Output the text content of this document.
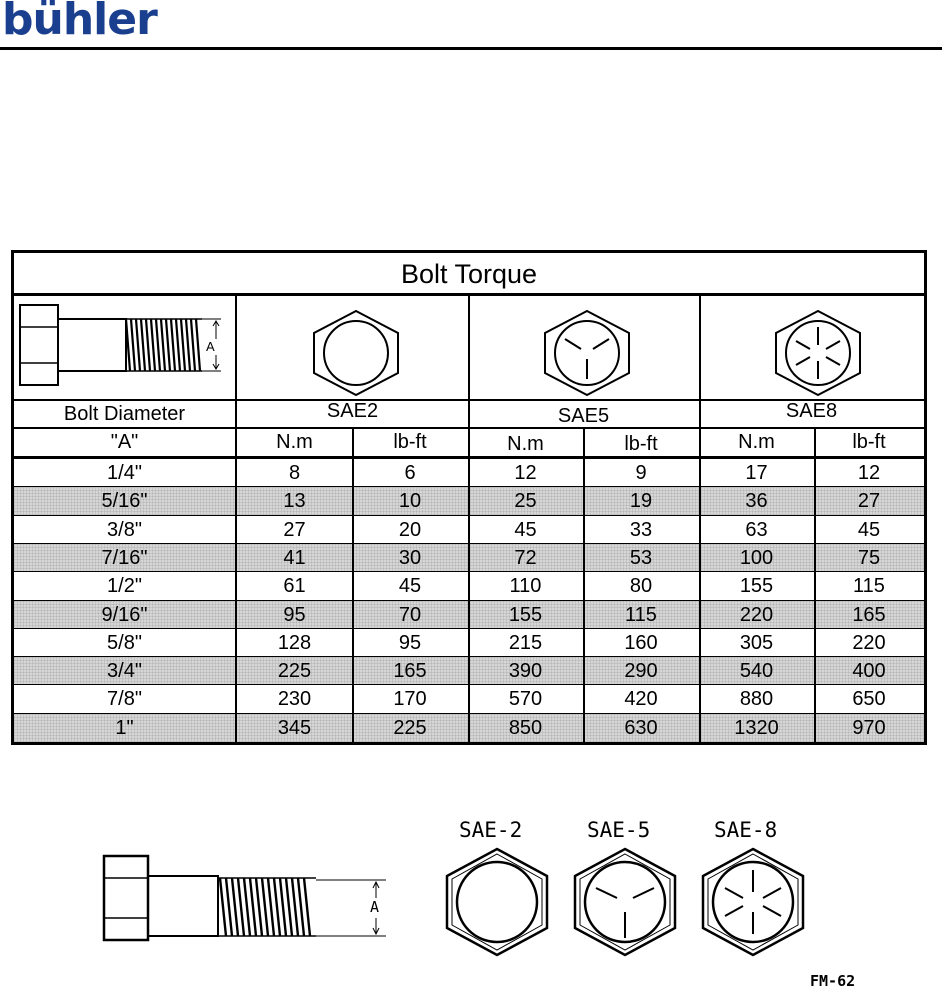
bühler
Bolt Torque
A
Bolt Diameter
"A"
SAE2	SAE5	SAE8
N.m	lb-ft	N.m	lb-ft	N.m	lb-ft
1/4"	8	6	12	9	17	12
5/16"	13	10	25	19	36	27
3/8"	27	20	45	33	63	45
7/16"	41	30	72	53	100	75
1/2"	61	45	110	80	155	115
9/16"	95	70	155	115	220	165
5/8"	128	95	215	160	305	220
3/4"	225	165	390	290	540	400
7/8"	230	170	570	420	880	650
1"	345	225	850	630	1320	970
A
SAE-2	SAE-5	SAE-8
FM-62
